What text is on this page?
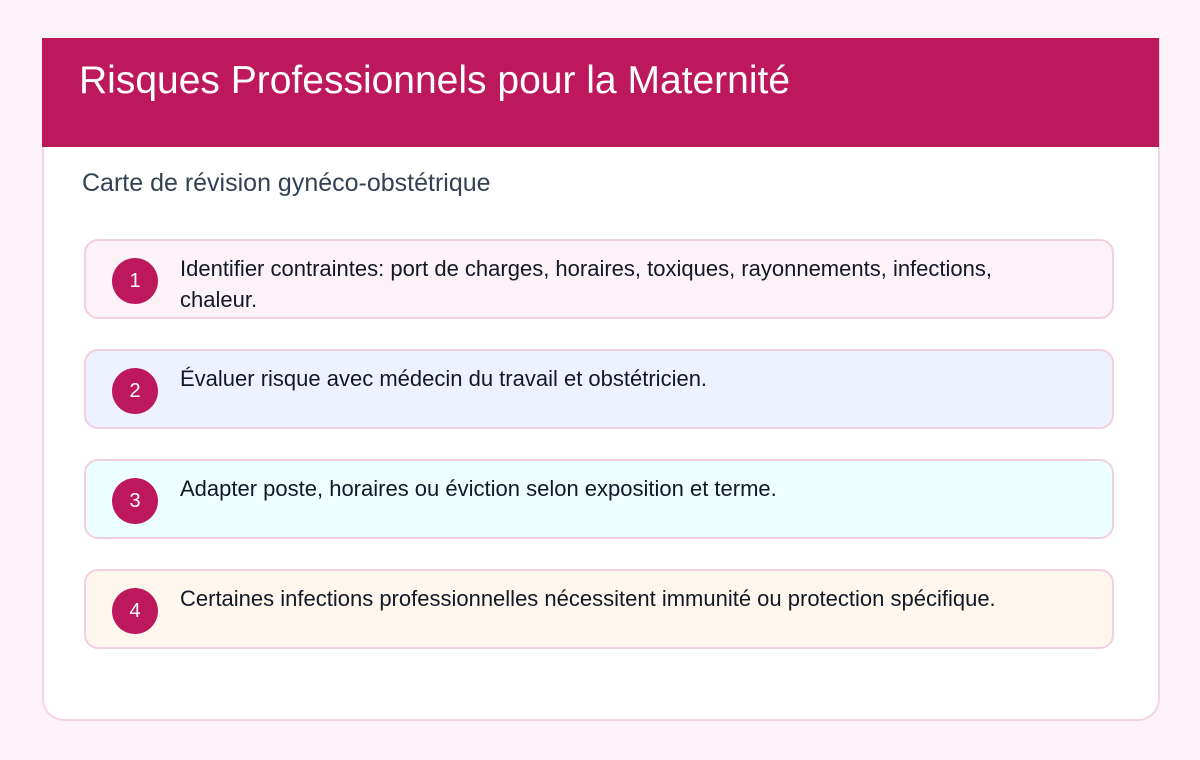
Risques Professionnels pour la Maternité
Carte de révision gynéco-obstétrique
1	Identifier contraintes: port de charges, horaires, toxiques, rayonnements, infections, chaleur.
2	Évaluer risque avec médecin du travail et obstétricien.
3	Adapter poste, horaires ou éviction selon exposition et terme.
4	Certaines infections professionnelles nécessitent immunité ou protection spécifique.
